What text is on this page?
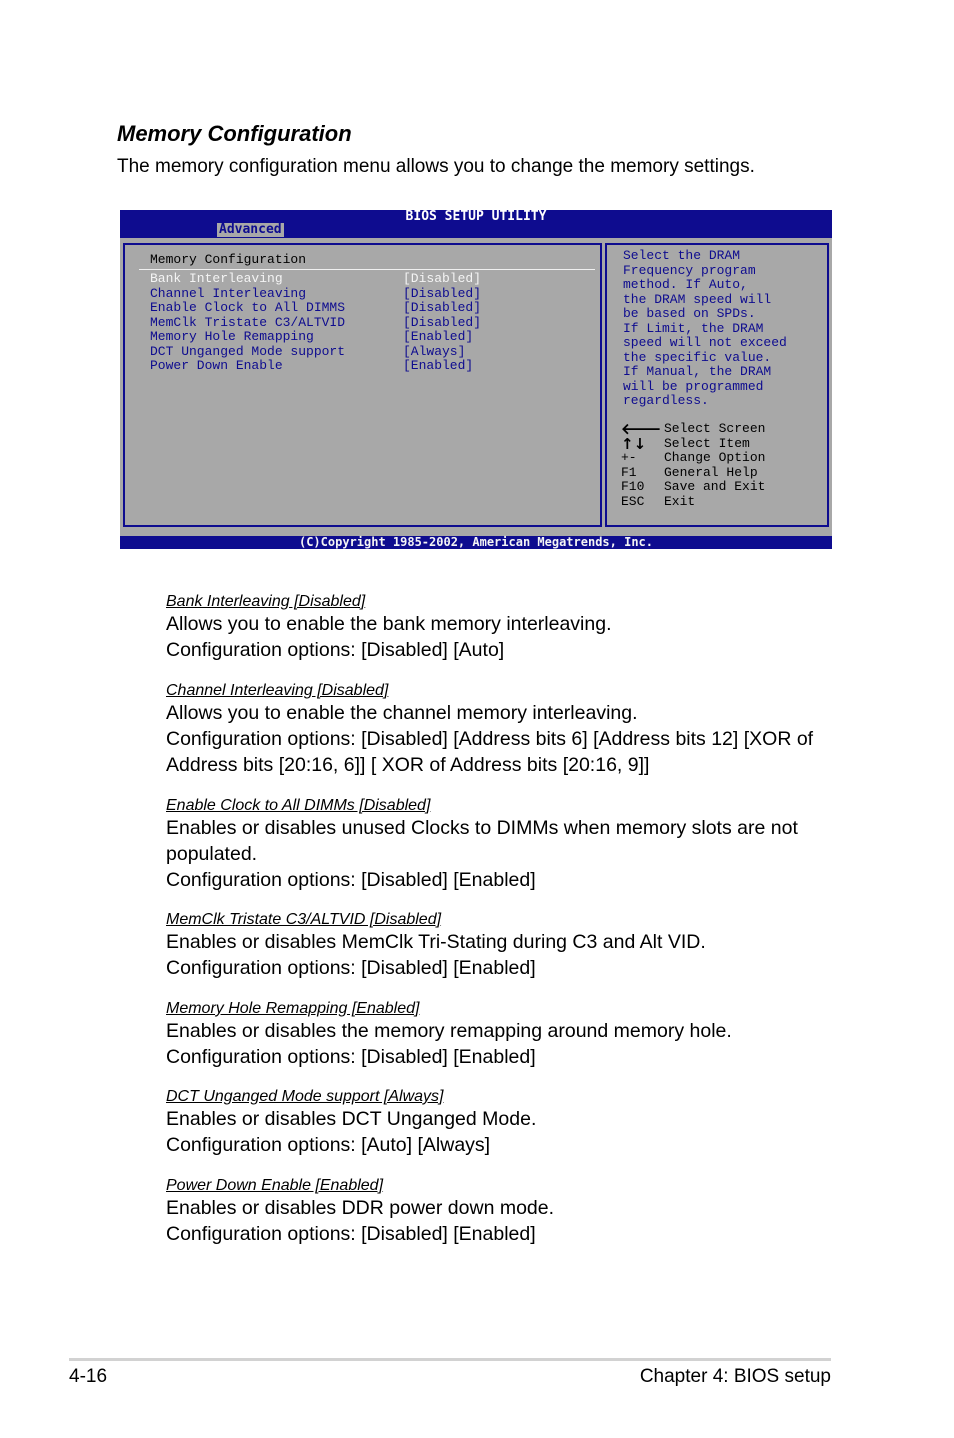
Memory Configuration
The memory configuration menu allows you to change the memory settings.
BIOS SETUP UTILITY
Advanced
Memory Configuration
Bank Interleaving	[Disabled]
Channel Interleaving	[Disabled]
Enable Clock to All DIMMS	[Disabled]
MemClk Tristate C3/ALTVID	[Disabled]
Memory Hole Remapping	[Enabled]
DCT Unganged Mode support	[Always]
Power Down Enable	[Enabled]
Select the DRAM
Frequency program
method. If Auto,
the DRAM speed will
be based on SPDs.
If Limit, the DRAM
speed will not exceed
the specific value.
If Manual, the DRAM
will be programmed
regardless.
🡐 Select Screen
↑↓ Select Item
+- Change Option
F1 General Help
F10 Save and Exit
ESC Exit
(C)Copyright 1985-2002, American Megatrends, Inc.
Bank Interleaving [Disabled]
Allows you to enable the bank memory interleaving.
Configuration options: [Disabled] [Auto]
Channel Interleaving [Disabled]
Allows you to enable the channel memory interleaving.
Configuration options: [Disabled] [Address bits 6] [Address bits 12] [XOR of
Address bits [20:16, 6]] [ XOR of Address bits [20:16, 9]]
Enable Clock to All DIMMs [Disabled]
Enables or disables unused Clocks to DIMMs when memory slots are not
populated.
Configuration options: [Disabled] [Enabled]
MemClk Tristate C3/ALTVID [Disabled]
Enables or disables MemClk Tri-Stating during C3 and Alt VID.
Configuration options: [Disabled] [Enabled]
Memory Hole Remapping [Enabled]
Enables or disables the memory remapping around memory hole.
Configuration options: [Disabled] [Enabled]
DCT Unganged Mode support [Always]
Enables or disables DCT Unganged Mode.
Configuration options: [Auto] [Always]
Power Down Enable [Enabled]
Enables or disables DDR power down mode.
Configuration options: [Disabled] [Enabled]
4-16	Chapter 4: BIOS setup
